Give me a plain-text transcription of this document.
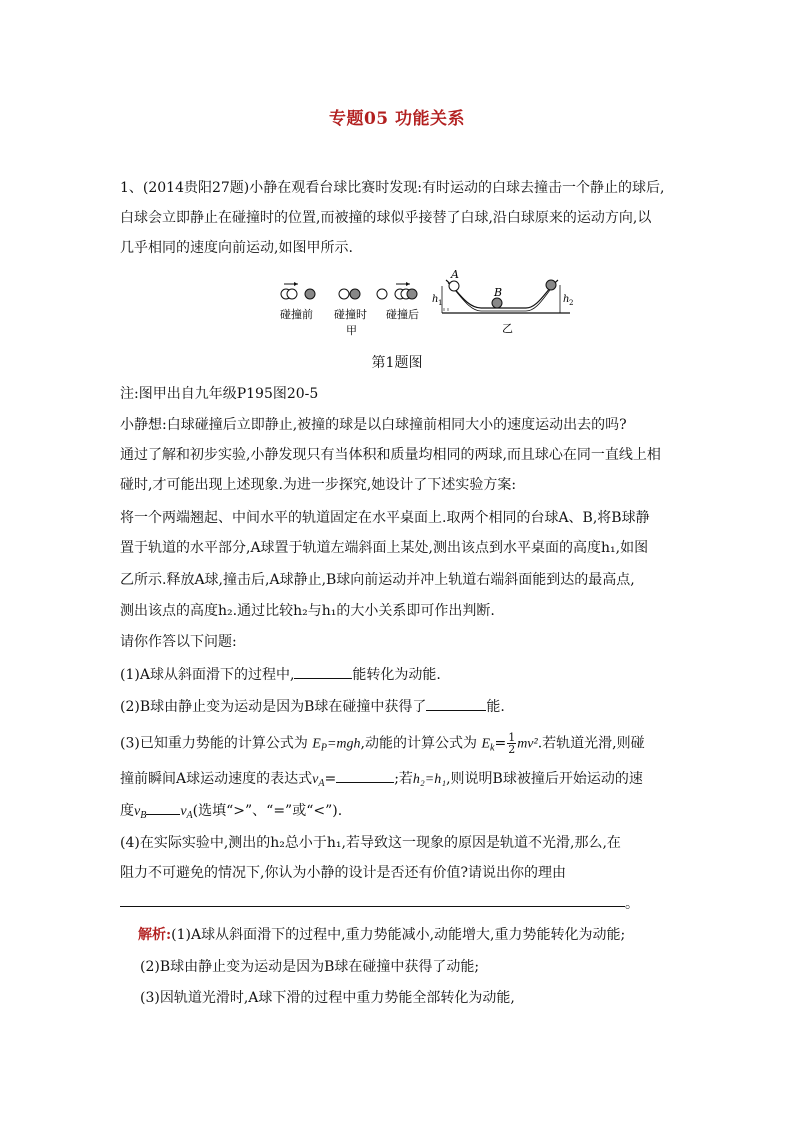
专题05 功能关系
1、(2014贵阳27题)小静在观看台球比赛时发现:有时运动的白球去撞击一个静止的球后,
白球会立即静止在碰撞时的位置,而被撞的球似乎接替了白球,沿白球原来的运动方向,以
几乎相同的速度向前运动,如图甲所示.
碰撞前 碰撞时 碰撞后
甲
A
B
h 1	h 2
乙
第1题图
注:图甲出自九年级P195图20-5
小静想:白球碰撞后立即静止,被撞的球是以白球撞前相同大小的速度运动出去的吗?
通过了解和初步实验,小静发现只有当体积和质量均相同的两球,而且球心在同一直线上相
碰时,才可能出现上述现象.为进一步探究,她设计了下述实验方案:
将一个两端翘起、中间水平的轨道固定在水平桌面上.取两个相同的台球A、B,将B球静
置于轨道的水平部分,A球置于轨道左端斜面上某处,测出该点到水平桌面的高度h₁,如图
乙所示.释放A球,撞击后,A球静止,B球向前运动并冲上轨道右端斜面能到达的最高点,
测出该点的高度h₂.通过比较h₂与h₁的大小关系即可作出判断.
请你作答以下问题:
(1)A球从斜面滑下的过程中,	能转化为动能.
(2)B球由静止变为运动是因为B球在碰撞中获得了	能.
(3)已知重力势能的计算公式为 $E_P=mgh$,动能的计算公式为 $E_k= \frac{1}{2} mv^2$.若轨道光滑,则碰
撞前瞬间A球运动速度的表达式$v_A=$	;若h₂=h₁,则说明B球被撞后开始运动的速
度$v_B$ $v_A$(选填“>”、“=”或“<”).
(4)在实际实验中,测出的h₂总小于h₁,若导致这一现象的原因是轨道不光滑,那么,在
阻力不可避免的情况下,你认为小静的设计是否还有价值?请说出你的理由
。
解析:(1)A球从斜面滑下的过程中,重力势能减小,动能增大,重力势能转化为动能;
(2)B球由静止变为运动是因为B球在碰撞中获得了动能;
(3)因轨道光滑时,A球下滑的过程中重力势能全部转化为动能,
